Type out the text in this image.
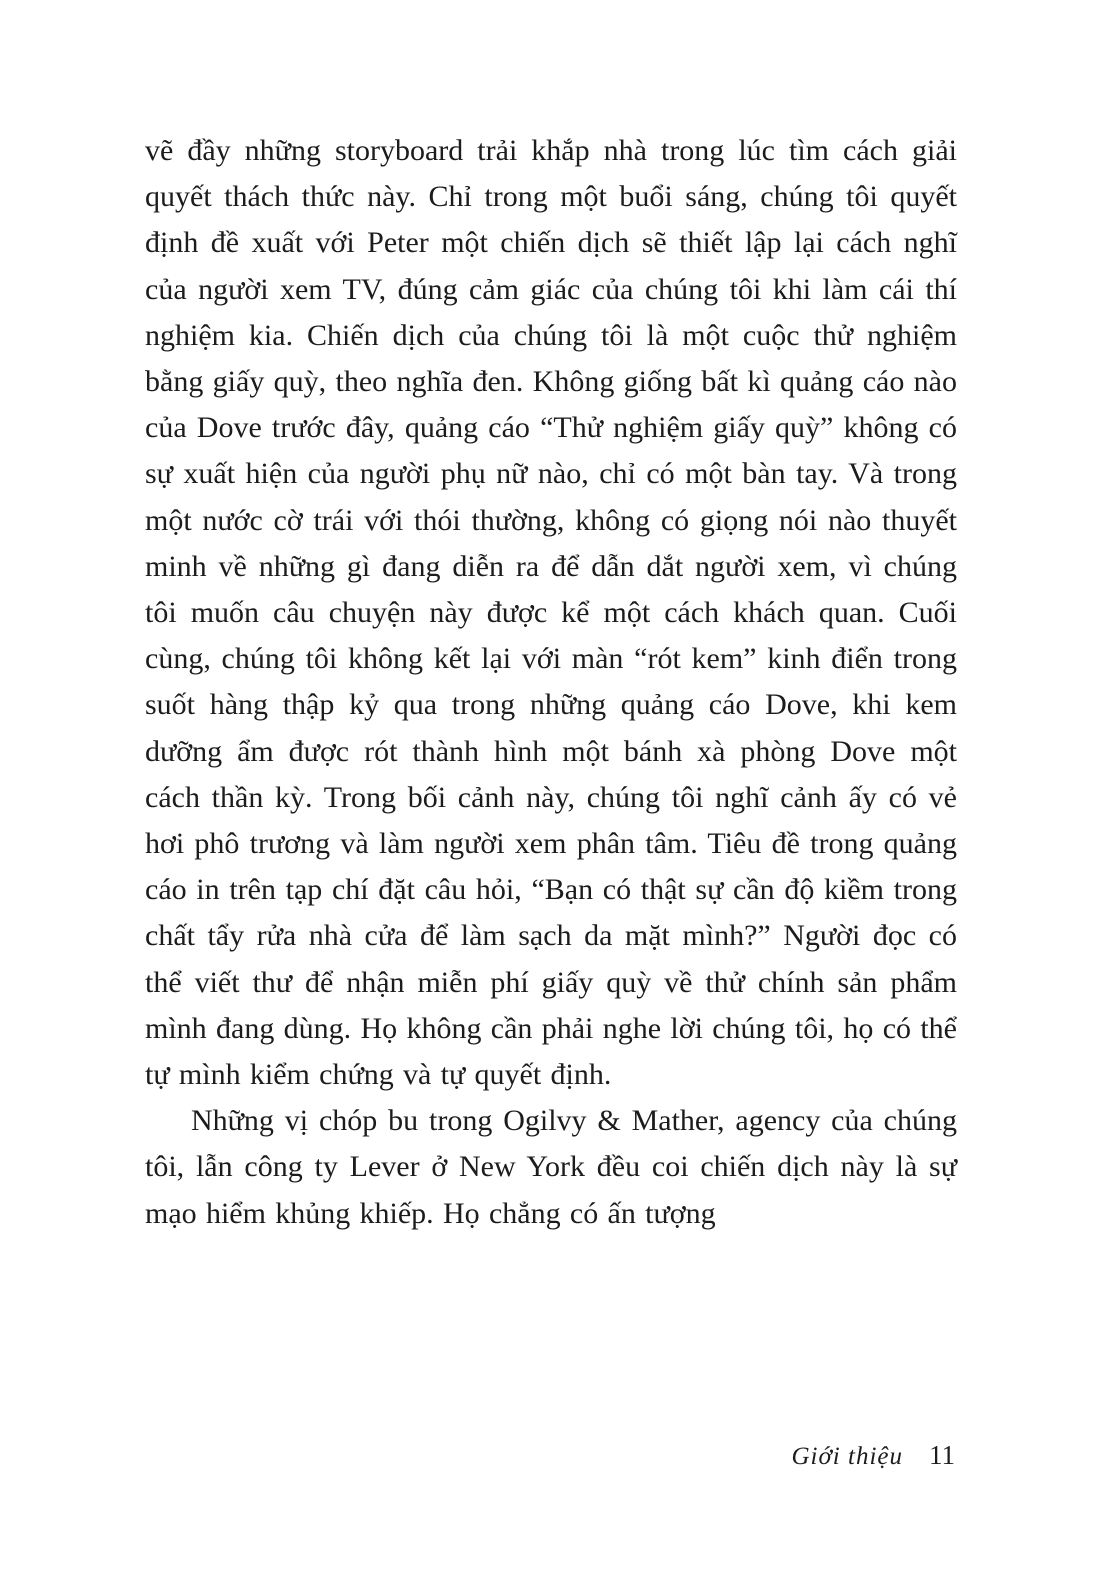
vẽ đầy những storyboard trải khắp nhà trong lúc tìm cách giải quyết thách thức này. Chỉ trong một buổi sáng, chúng tôi quyết định đề xuất với Peter một chiến dịch sẽ thiết lập lại cách nghĩ của người xem TV, đúng cảm giác của chúng tôi khi làm cái thí nghiệm kia. Chiến dịch của chúng tôi là một cuộc thử nghiệm bằng giấy quỳ, theo nghĩa đen. Không giống bất kì quảng cáo nào của Dove trước đây, quảng cáo “Thử nghiệm giấy quỳ” không có sự xuất hiện của người phụ nữ nào, chỉ có một bàn tay. Và trong một nước cờ trái với thói thường, không có giọng nói nào thuyết minh về những gì đang diễn ra để dẫn dắt người xem, vì chúng tôi muốn câu chuyện này được kể một cách khách quan. Cuối cùng, chúng tôi không kết lại với màn “rót kem” kinh điển trong suốt hàng thập kỷ qua trong những quảng cáo Dove, khi kem dưỡng ẩm được rót thành hình một bánh xà phòng Dove một cách thần kỳ. Trong bối cảnh này, chúng tôi nghĩ cảnh ấy có vẻ hơi phô trương và làm người xem phân tâm. Tiêu đề trong quảng cáo in trên tạp chí đặt câu hỏi, “Bạn có thật sự cần độ kiềm trong chất tẩy rửa nhà cửa để làm sạch da mặt mình?” Người đọc có thể viết thư để nhận miễn phí giấy quỳ về thử chính sản phẩm mình đang dùng. Họ không cần phải nghe lời chúng tôi, họ có thể tự mình kiểm chứng và tự quyết định.

Những vị chóp bu trong Ogilvy & Mather, agency của chúng tôi, lẫn công ty Lever ở New York đều coi chiến dịch này là sự mạo hiểm khủng khiếp. Họ chẳng có ấn tượng

Giới thiệu 11
